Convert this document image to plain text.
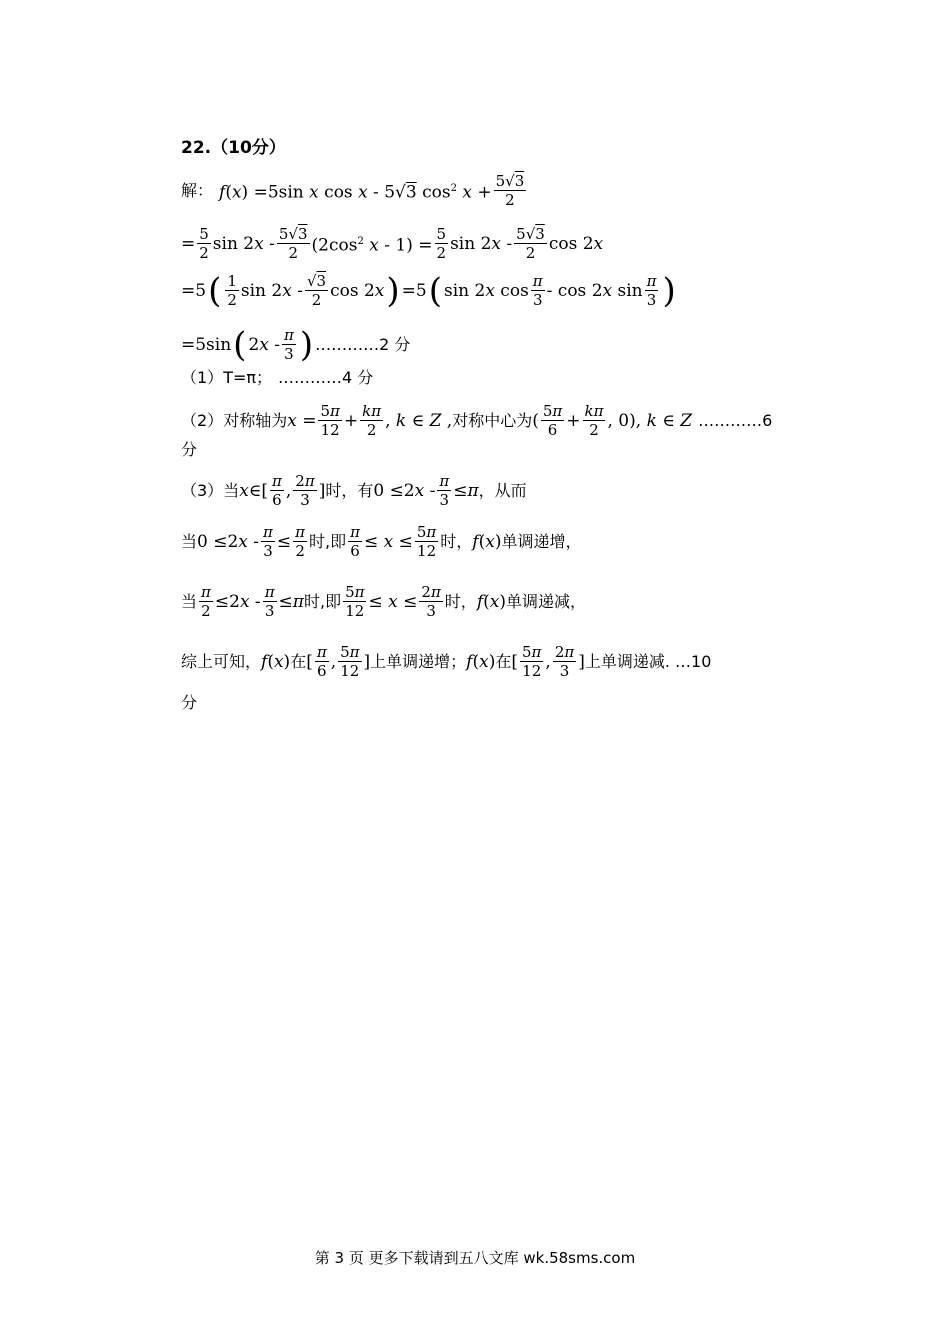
22. （10分）
解： f(x) =5sin x cos x - 5√3 $\cos^2 x + \frac{5√3}{2}$
= $\frac{5}{2}$ $\sin 2x - \frac{5√3}{2} (2\cos^2$ $x - 1) = \frac{5}{2}$ $\sin 2x - \frac{5√3}{2}$ cos 2x
=5 ( $\frac{1}{2}$ $\sin 2x - \frac{√3}{2}$ cos 2x ) =5 ( sin 2x $\cos \frac{\pi}{3}$ - cos 2x $\sin \frac{\pi}{3}$ )
=5sin ( $2x - \frac{\pi}{3}$ ) …………2 分
（1） T=π； …………4 分
（2） 对称轴为 $x = \frac{5\pi}{12} + \frac{k\pi}{2}$ , k ∈ Z , 对称中心为 ( $\frac{5\pi}{6} + \frac{k\pi}{2}$ , 0), k ∈ Z …………6
分
（3） 当 x∈[ $\frac{\pi}{6}$ , $\frac{2\pi}{3}$ ] 时，有 $0 \le 2x - \frac{\pi}{3} \le\pi$ ，从而
当 $0 \le 2x - \frac{\pi}{3} \le \frac{\pi}{2}$ 时,即 $\frac{\pi}{6} \le x \le \frac{5\pi}{12}$ 时， f(x) 单调递增，
当 $\frac{\pi}{2} \le 2x - \frac{\pi}{3} \le\pi$ 时,即 $\frac{5\pi}{12} \le x \le \frac{2\pi}{3}$ 时， f(x) 单调递减，
综上可知， f(x) 在 [ $\frac{\pi}{6}$ , $\frac{5\pi}{12}$ ] 上单调递增； f(x) 在 [ $\frac{5\pi}{12}$ , $\frac{2\pi}{3}$ ] 上单调递减. …10
分
第 3 页 更多下载请到五八文库 wk.58sms.com
